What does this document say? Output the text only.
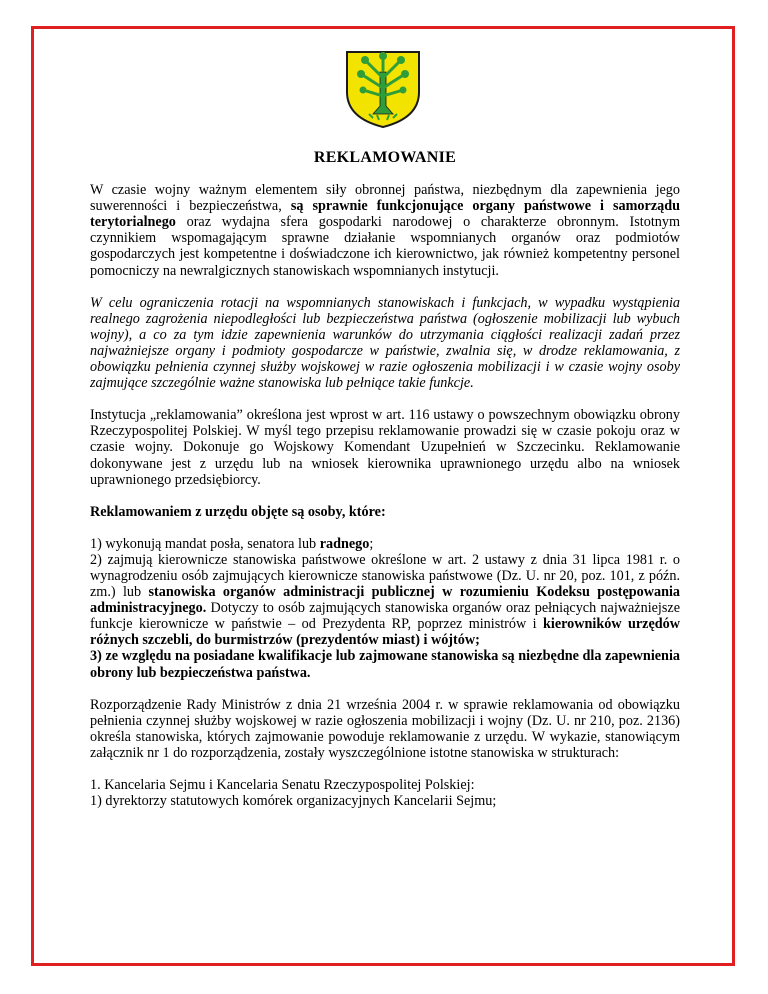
REKLAMOWANIE

W czasie wojny ważnym elementem siły obronnej państwa, niezbędnym dla zapewnienia jego suwerenności i bezpieczeństwa, są sprawnie funkcjonujące organy państwowe i samorządu terytorialnego oraz wydajna sfera gospodarki narodowej o charakterze obronnym. Istotnym czynnikiem wspomagającym sprawne działanie wspomnianych organów oraz podmiotów gospodarczych jest kompetentne i doświadczone ich kierownictwo, jak również kompetentny personel pomocniczy na newralgicznych stanowiskach wspomnianych instytucji.

W celu ograniczenia rotacji na wspomnianych stanowiskach i funkcjach, w wypadku wystąpienia realnego zagrożenia niepodległości lub bezpieczeństwa państwa (ogłoszenie mobilizacji lub wybuch wojny), a co za tym idzie zapewnienia warunków do utrzymania ciągłości realizacji zadań przez najważniejsze organy i podmioty gospodarcze w państwie, zwalnia się, w drodze reklamowania, z obowiązku pełnienia czynnej służby wojskowej w razie ogłoszenia mobilizacji i w czasie wojny osoby zajmujące szczególnie ważne stanowiska lub pełniące takie funkcje.

Instytucja „reklamowania” określona jest wprost w art. 116 ustawy o powszechnym obowiązku obrony Rzeczypospolitej Polskiej. W myśl tego przepisu reklamowanie prowadzi się w czasie pokoju oraz w czasie wojny. Dokonuje go Wojskowy Komendant Uzupełnień w Szczecinku. Reklamowanie dokonywane jest z urzędu lub na wniosek kierownika uprawnionego urzędu albo na wniosek uprawnionego przedsiębiorcy.

Reklamowaniem z urzędu objęte są osoby, które:

1) wykonują mandat posła, senatora lub radnego;
2) zajmują kierownicze stanowiska państwowe określone w art. 2 ustawy z dnia 31 lipca 1981 r. o wynagrodzeniu osób zajmujących kierownicze stanowiska państwowe (Dz. U. nr 20, poz. 101, z późn. zm.) lub stanowiska organów administracji publicznej w rozumieniu Kodeksu postępowania administracyjnego. Dotyczy to osób zajmujących stanowiska organów oraz pełniących najważniejsze funkcje kierownicze w państwie – od Prezydenta RP, poprzez ministrów i kierowników urzędów różnych szczebli, do burmistrzów (prezydentów miast) i wójtów;
3) ze względu na posiadane kwalifikacje lub zajmowane stanowiska są niezbędne dla zapewnienia obrony lub bezpieczeństwa państwa.

Rozporządzenie Rady Ministrów z dnia 21 września 2004 r. w sprawie reklamowania od obowiązku pełnienia czynnej służby wojskowej w razie ogłoszenia mobilizacji i wojny (Dz. U. nr 210, poz. 2136) określa stanowiska, których zajmowanie powoduje reklamowanie z urzędu. W wykazie, stanowiącym załącznik nr 1 do rozporządzenia, zostały wyszczególnione istotne stanowiska w strukturach:

1. Kancelaria Sejmu i Kancelaria Senatu Rzeczypospolitej Polskiej:
1) dyrektorzy statutowych komórek organizacyjnych Kancelarii Sejmu;
